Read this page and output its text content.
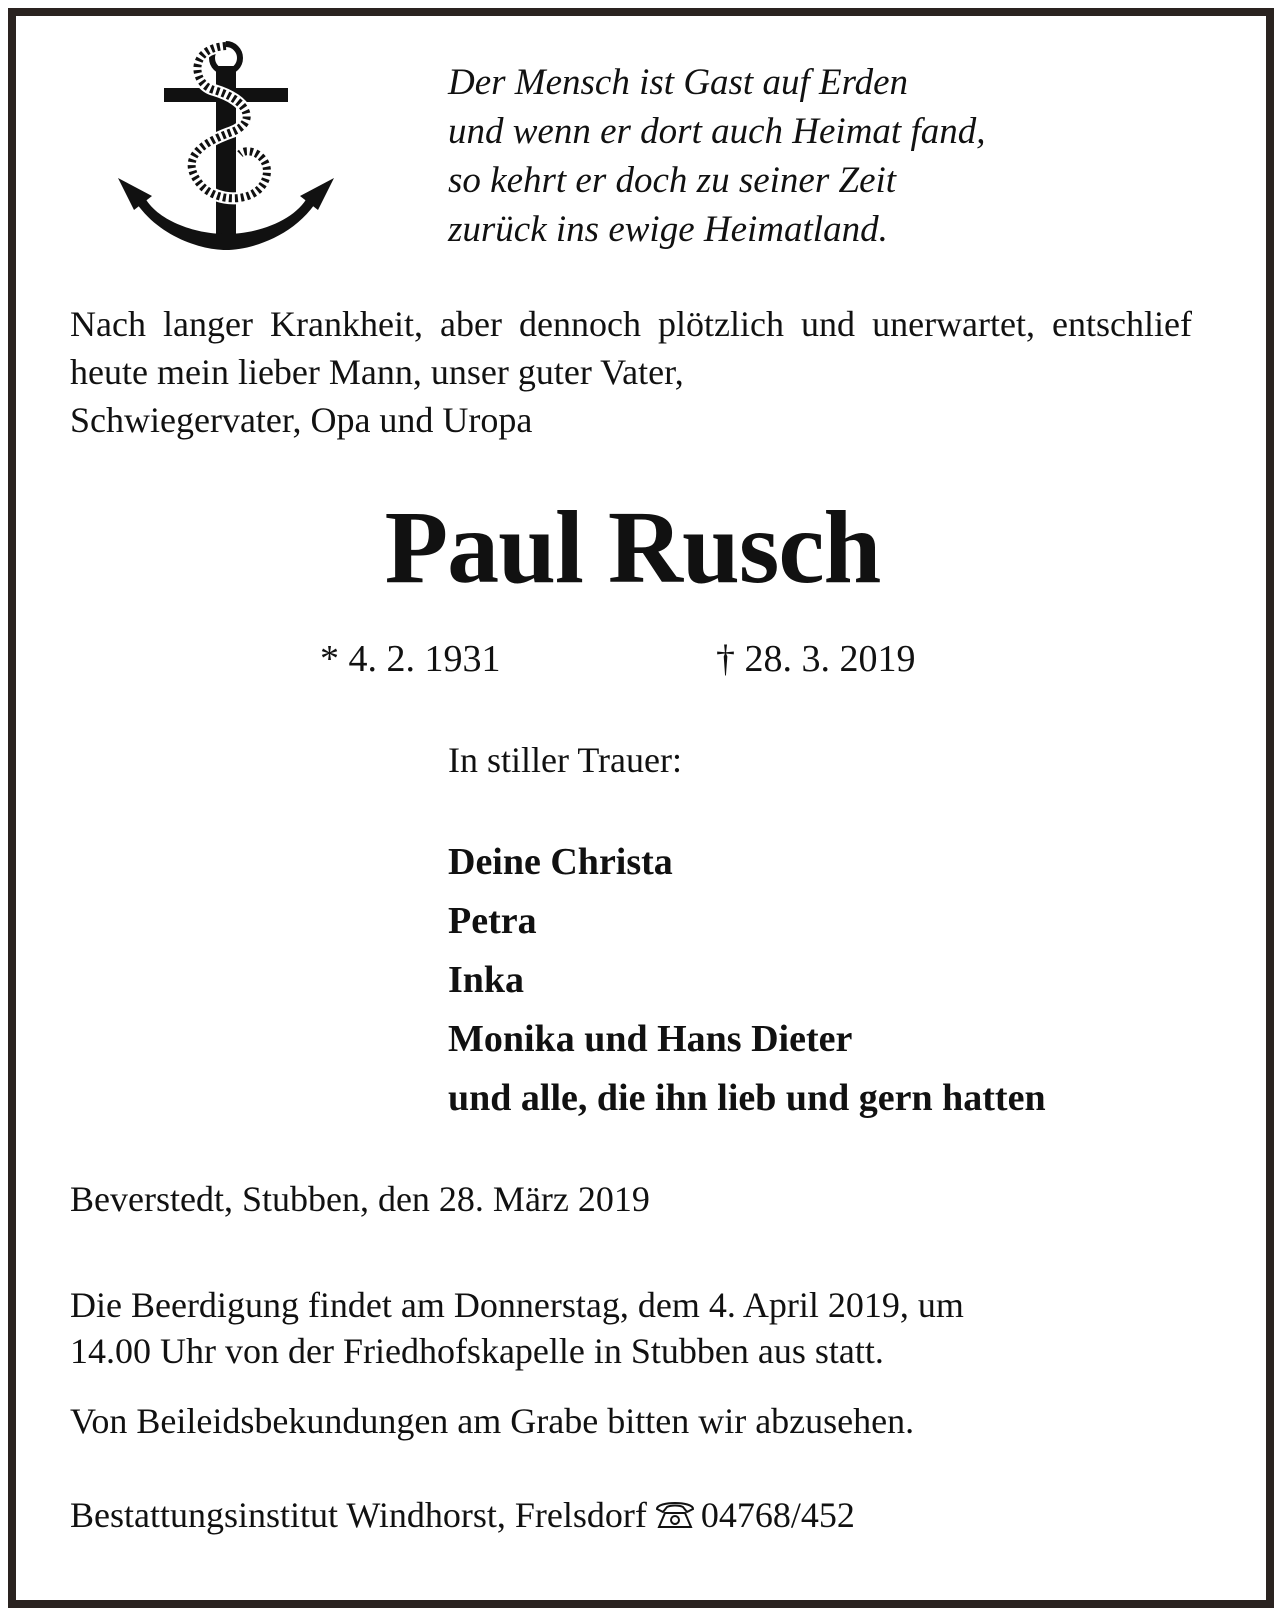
Der Mensch ist Gast auf Erden
und wenn er dort auch Heimat fand,
so kehrt er doch zu seiner Zeit
zurück ins ewige Heimatland.
Nach langer Krankheit, aber dennoch plötzlich und unerwartet, entschlief heute mein lieber Mann, unser guter Vater,
Schwiegervater, Opa und Uropa
Paul Rusch
* 4. 2. 1931	† 28. 3. 2019
In stiller Trauer:
Deine Christa
Petra
Inka
Monika und Hans Dieter
und alle, die ihn lieb und gern hatten
Beverstedt, Stubben, den 28. März 2019
Die Beerdigung findet am Donnerstag, dem 4. April 2019, um
14.00 Uhr von der Friedhofskapelle in Stubben aus statt.
Von Beileidsbekundungen am Grabe bitten wir abzusehen.
Bestattungsinstitut Windhorst, Frelsdorf 04768/452
